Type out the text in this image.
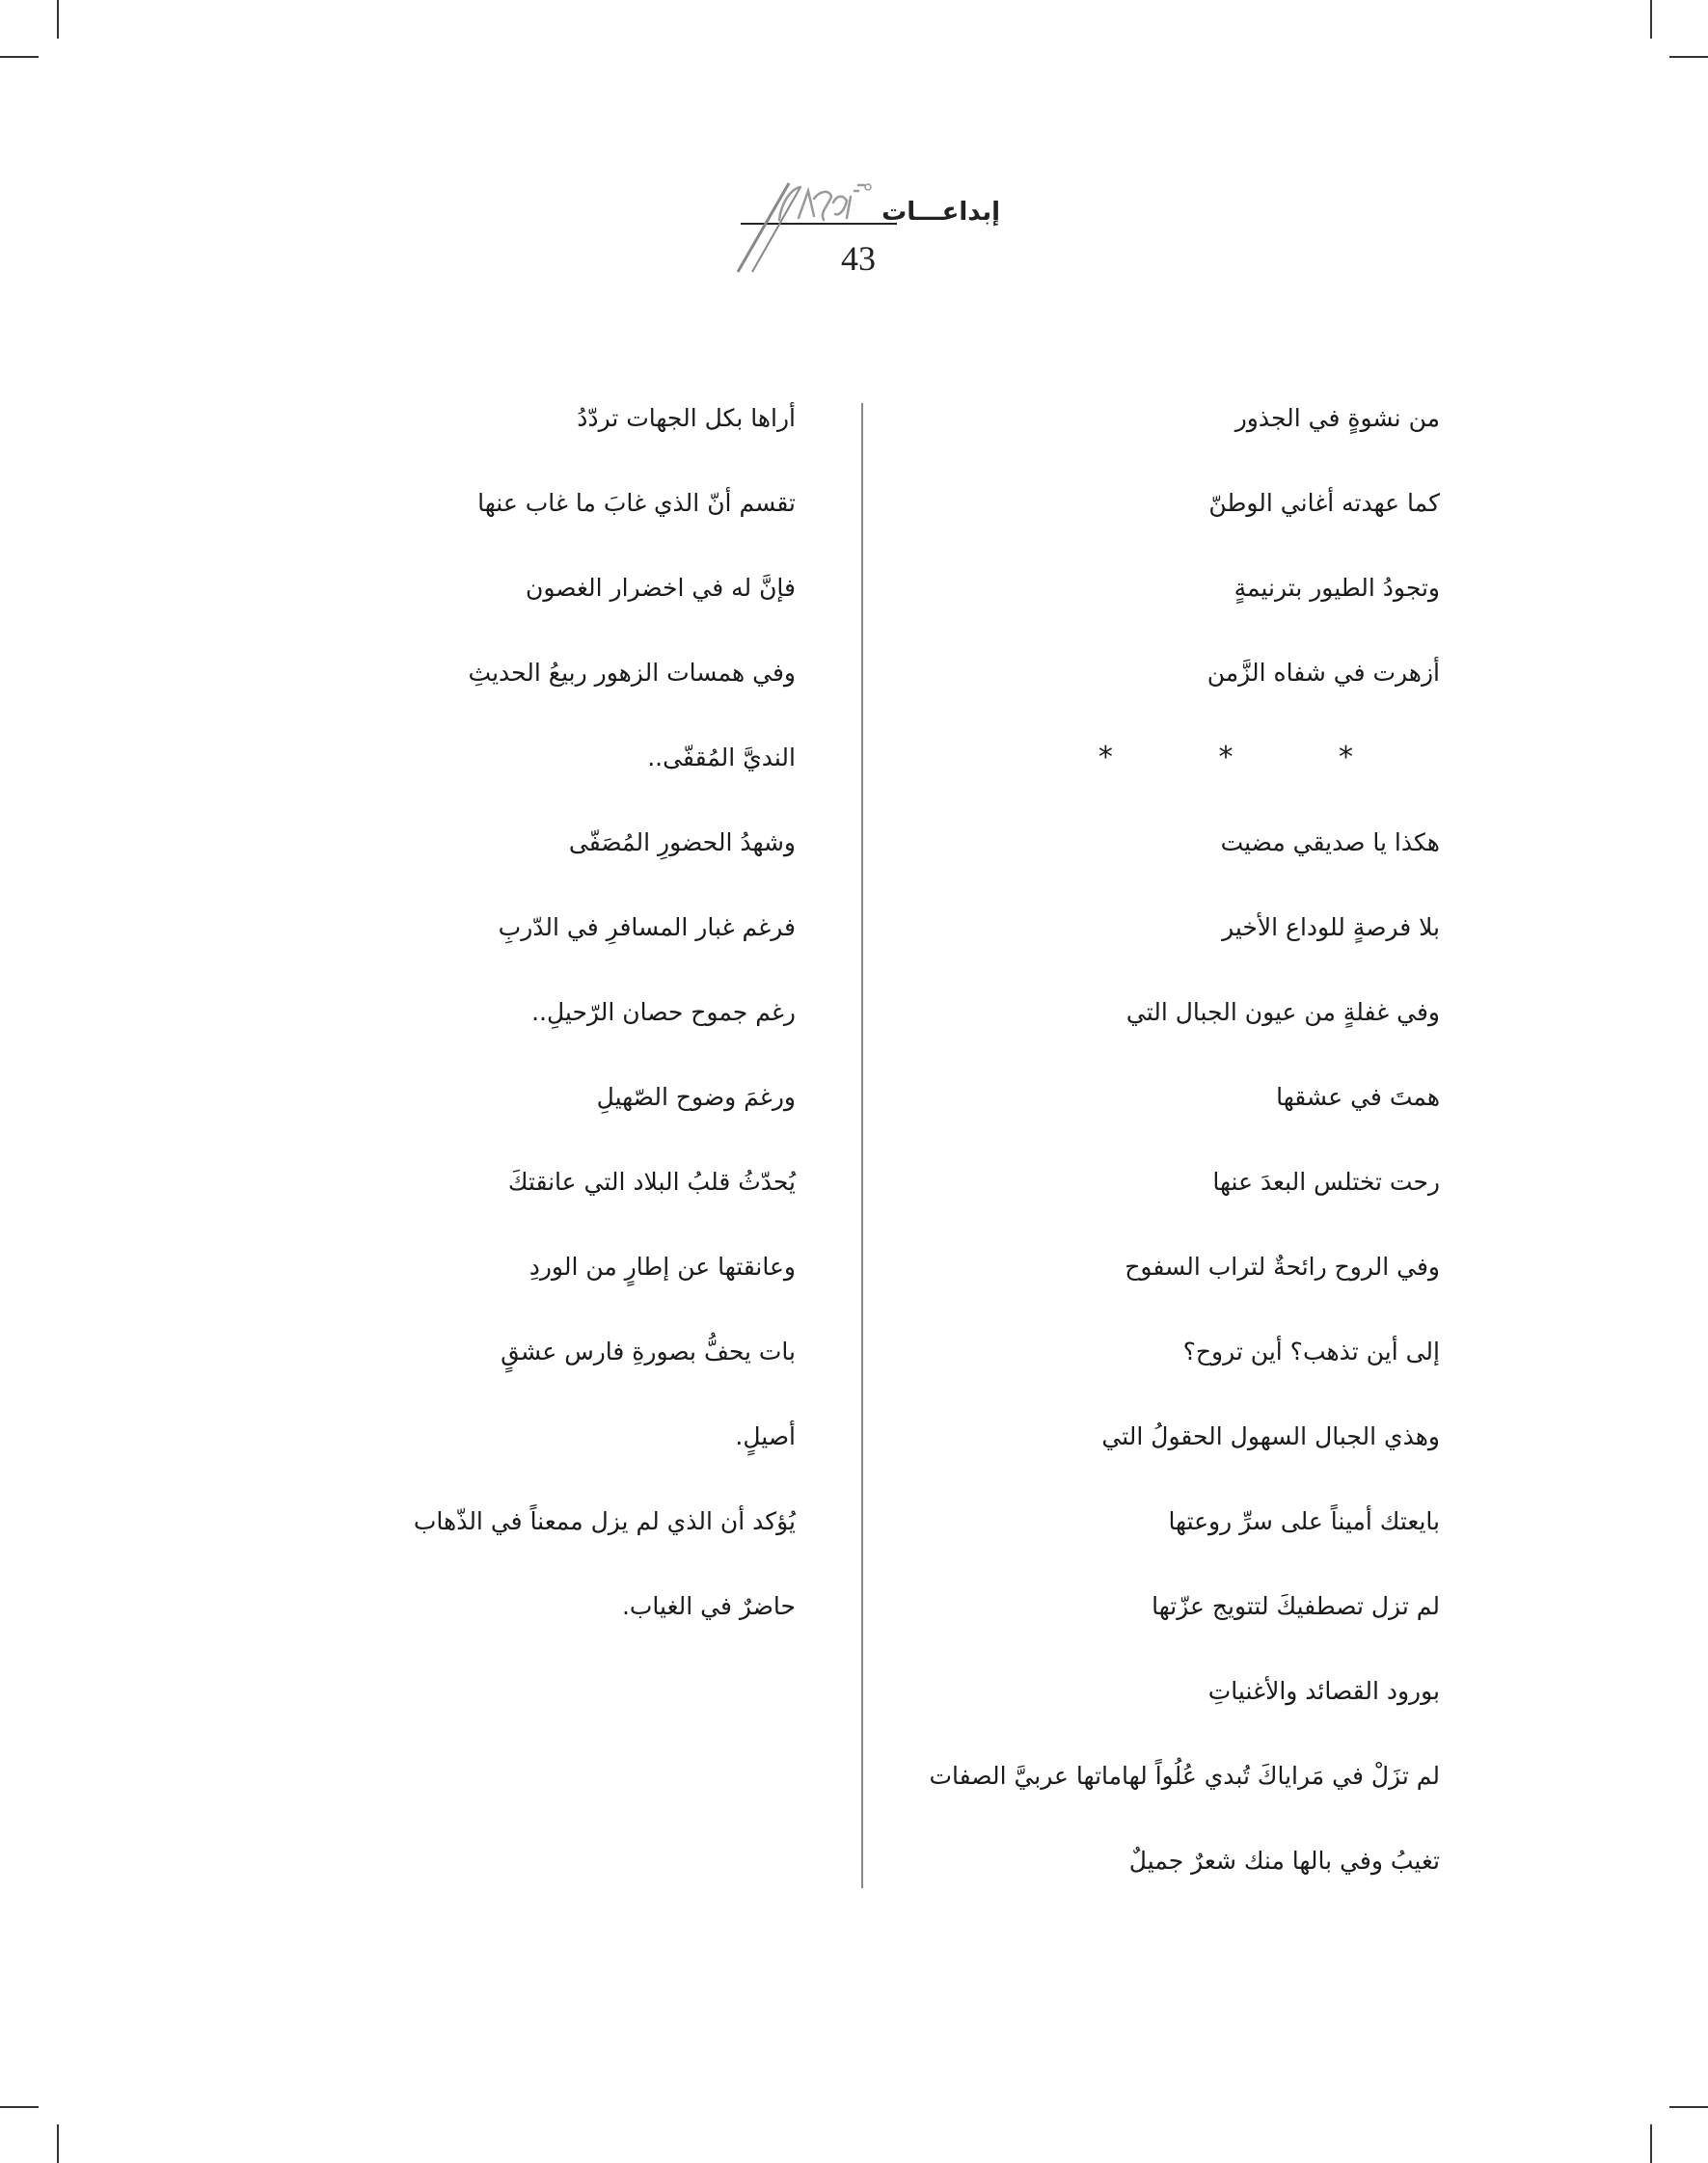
إبداعـــات
43
من نشوةٍ في الجذور
كما عهدته أغاني الوطنّ
وتجودُ الطيور بترنيمةٍ
أزهرت في شفاه الزَّمن
* * *
هكذا يا صديقي مضيت
بلا فرصةٍ للوداع الأخير
وفي غفلةٍ من عيون الجبال التي
همتَ في عشقها
رحت تختلس البعدَ عنها
وفي الروح رائحةٌ لتراب السفوح
إلى أين تذهب؟ أين تروح؟
وهذي الجبال السهول الحقولُ التي
بايعتك أميناً على سرِّ روعتها
لم تزل تصطفيكَ لتتويج عزّتها
بورود القصائد والأغنياتِ
لم تزَلْ في مَراياكَ تُبدي عُلُواً لهاماتها عربيَّ الصفات
تغيبُ وفي بالها منك شعرٌ جميلٌ
أراها بكل الجهات تردّدُ
تقسم أنّ الذي غابَ ما غاب عنها
فإنَّ له في اخضرار الغصون
وفي همسات الزهور ربيعُ الحديثِ
النديَّ المُقفّى..
وشهدُ الحضورِ المُصَفّى
فرغم غبار المسافرِ في الدّربِ
رغم جموح حصان الرّحيلِ..
ورغمَ وضوح الصّهيلِ
يُحدّثُ قلبُ البلاد التي عانقتكَ
وعانقتها عن إطارٍ من الوردِ
بات يحفُّ بصورةِ فارس عشقٍ
أصيلٍ.
يُؤكد أن الذي لم يزل ممعناً في الذّهاب
حاضرٌ في الغياب.
